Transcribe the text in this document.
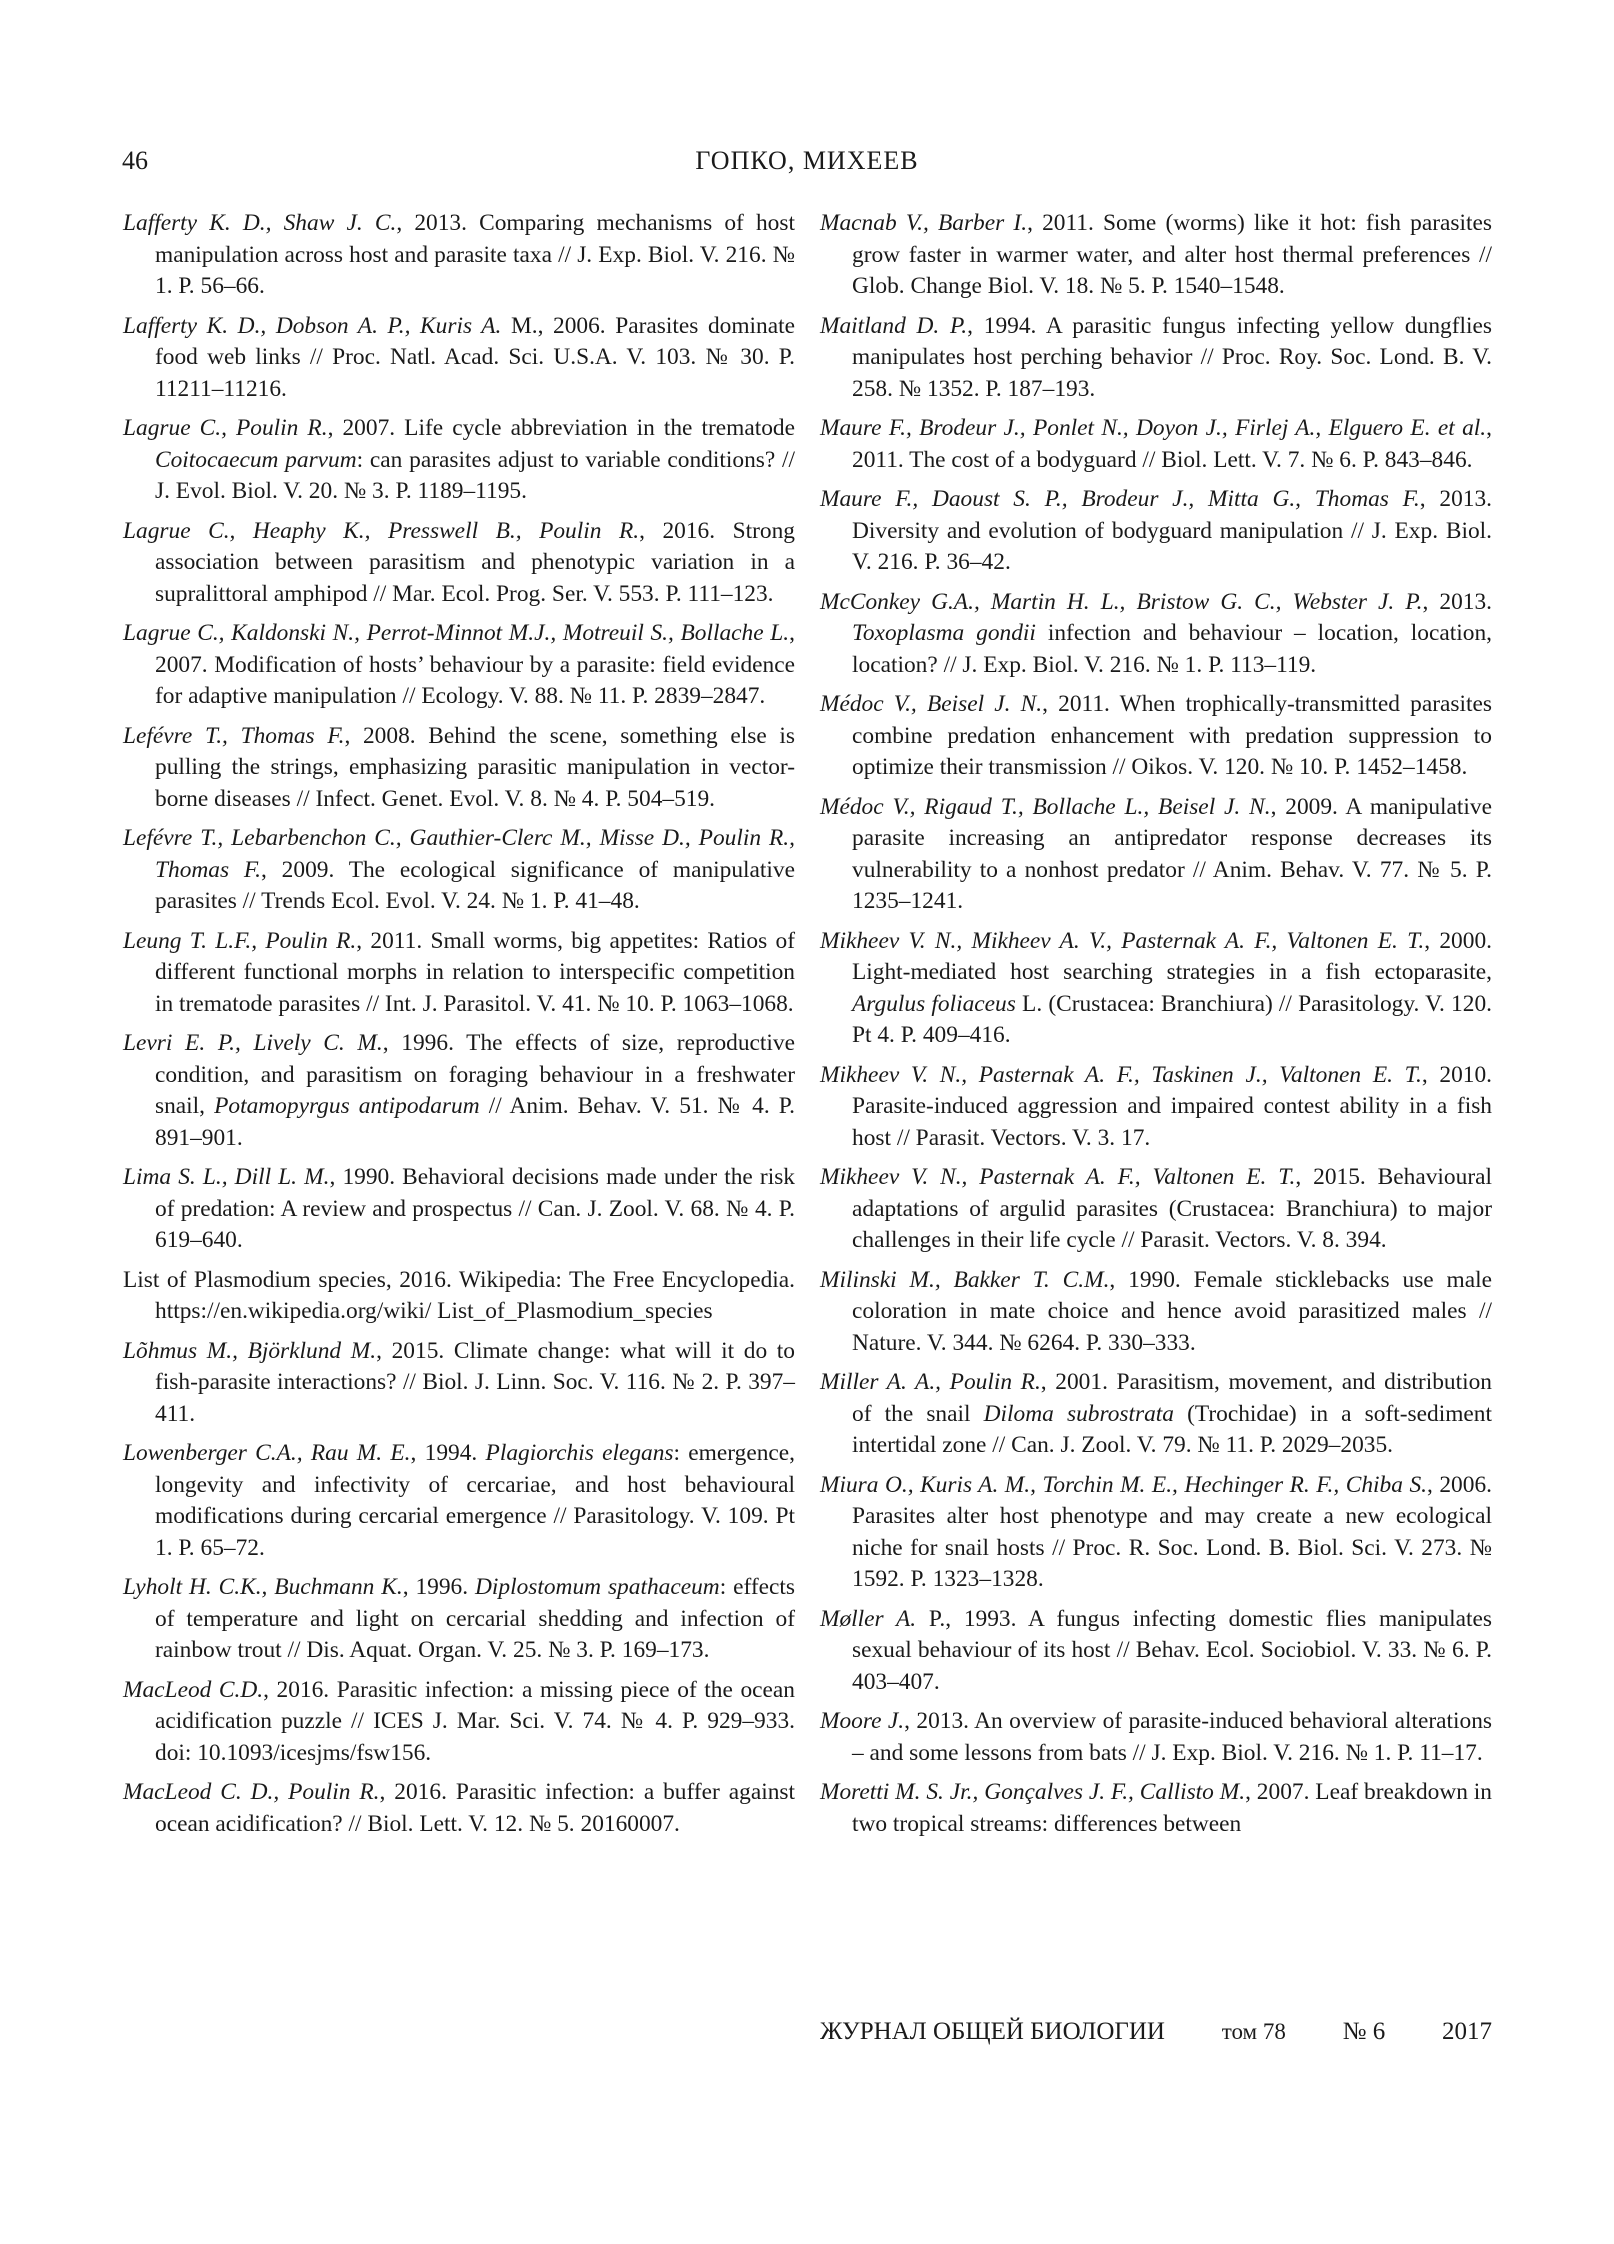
46	ГОПКО, МИХЕЕВ

Lafferty K. D., Shaw J. C., 2013. Comparing mechanisms of host manipulation across host and parasite taxa // J. Exp. Biol. V. 216. № 1. P. 56–66.

Lafferty K. D., Dobson A. P., Kuris A. M., 2006. Parasites dominate food web links // Proc. Natl. Acad. Sci. U.S.A. V. 103. № 30. P. 11211–11216.

Lagrue C., Poulin R., 2007. Life cycle abbreviation in the trematode Coitocaecum parvum: can parasites adjust to variable conditions? // J. Evol. Biol. V. 20. № 3. P. 1189–1195.

Lagrue C., Heaphy K., Presswell B., Poulin R., 2016. Strong association between parasitism and phenotypic variation in a supralittoral amphipod // Mar. Ecol. Prog. Ser. V. 553. P. 111–123.

Lagrue C., Kaldonski N., Perrot-Minnot M.J., Motreuil S., Bollache L., 2007. Modification of hosts’ behaviour by a parasite: field evidence for adaptive manipulation // Ecology. V. 88. № 11. P. 2839–2847.

Lefévre T., Thomas F., 2008. Behind the scene, something else is pulling the strings, emphasizing parasitic manipulation in vector-borne diseases // Infect. Genet. Evol. V. 8. № 4. P. 504–519.

Lefévre T., Lebarbenchon C., Gauthier-Clerc M., Misse D., Poulin R., Thomas F., 2009. The ecological significance of manipulative parasites // Trends Ecol. Evol. V. 24. № 1. P. 41–48.

Leung T. L.F., Poulin R., 2011. Small worms, big appetites: Ratios of different functional morphs in relation to interspecific competition in trematode parasites // Int. J. Parasitol. V. 41. № 10. P. 1063–1068.

Levri E. P., Lively C. M., 1996. The effects of size, reproductive condition, and parasitism on foraging behaviour in a freshwater snail, Potamopyrgus antipodarum // Anim. Behav. V. 51. № 4. P. 891–901.

Lima S. L., Dill L. M., 1990. Behavioral decisions made under the risk of predation: A review and prospectus // Can. J. Zool. V. 68. № 4. P. 619–640.

List of Plasmodium species, 2016. Wikipedia: The Free Encyclopedia. https://en.wikipedia.org/wiki/ List_of_Plasmodium_species

Lõhmus M., Björklund M., 2015. Climate change: what will it do to fish-parasite interactions? // Biol. J. Linn. Soc. V. 116. № 2. P. 397–411.

Lowenberger C.A., Rau M. E., 1994. Plagiorchis elegans: emergence, longevity and infectivity of cercariae, and host behavioural modifications during cercarial emergence // Parasitology. V. 109. Pt 1. P. 65–72.

Lyholt H. C.K., Buchmann K., 1996. Diplostomum spathaceum: effects of temperature and light on cercarial shedding and infection of rainbow trout // Dis. Aquat. Organ. V. 25. № 3. P. 169–173.

MacLeod C.D., 2016. Parasitic infection: a missing piece of the ocean acidification puzzle // ICES J. Mar. Sci. V. 74. № 4. P. 929–933. doi: 10.1093/icesjms/fsw156.

MacLeod C. D., Poulin R., 2016. Parasitic infection: a buffer against ocean acidification? // Biol. Lett. V. 12. № 5. 20160007.

Macnab V., Barber I., 2011. Some (worms) like it hot: fish parasites grow faster in warmer water, and alter host thermal preferences // Glob. Change Biol. V. 18. № 5. P. 1540–1548.

Maitland D. P., 1994. A parasitic fungus infecting yellow dungflies manipulates host perching behavior // Proc. Roy. Soc. Lond. B. V. 258. № 1352. P. 187–193.

Maure F., Brodeur J., Ponlet N., Doyon J., Firlej A., Elguero E. et al., 2011. The cost of a bodyguard // Biol. Lett. V. 7. № 6. P. 843–846.

Maure F., Daoust S. P., Brodeur J., Mitta G., Thomas F., 2013. Diversity and evolution of bodyguard manipulation // J. Exp. Biol. V. 216. P. 36–42.

McConkey G.A., Martin H. L., Bristow G. C., Webster J. P., 2013. Toxoplasma gondii infection and behaviour – location, location, location? // J. Exp. Biol. V. 216. № 1. P. 113–119.

Médoc V., Beisel J. N., 2011. When trophically-transmitted parasites combine predation enhancement with predation suppression to optimize their transmission // Oikos. V. 120. № 10. P. 1452–1458.

Médoc V., Rigaud T., Bollache L., Beisel J. N., 2009. A manipulative parasite increasing an antipredator response decreases its vulnerability to a nonhost predator // Anim. Behav. V. 77. № 5. P. 1235–1241.

Mikheev V. N., Mikheev A. V., Pasternak A. F., Valtonen E. T., 2000. Light-mediated host searching strategies in a fish ectoparasite, Argulus foliaceus L. (Crustacea: Branchiura) // Parasitology. V. 120. Pt 4. P. 409–416.

Mikheev V. N., Pasternak A. F., Taskinen J., Valtonen E. T., 2010. Parasite-induced aggression and impaired contest ability in a fish host // Parasit. Vectors. V. 3. 17.

Mikheev V. N., Pasternak A. F., Valtonen E. T., 2015. Behavioural adaptations of argulid parasites (Crustacea: Branchiura) to major challenges in their life cycle // Parasit. Vectors. V. 8. 394.

Milinski M., Bakker T. C.M., 1990. Female sticklebacks use male coloration in mate choice and hence avoid parasitized males // Nature. V. 344. № 6264. P. 330–333.

Miller A. A., Poulin R., 2001. Parasitism, movement, and distribution of the snail Diloma subrostrata (Trochidae) in a soft-sediment intertidal zone // Can. J. Zool. V. 79. № 11. P. 2029–2035.

Miura O., Kuris A. M., Torchin M. E., Hechinger R. F., Chiba S., 2006. Parasites alter host phenotype and may create a new ecological niche for snail hosts // Proc. R. Soc. Lond. B. Biol. Sci. V. 273. № 1592. P. 1323–1328.

Møller A. P., 1993. A fungus infecting domestic flies manipulates sexual behaviour of its host // Behav. Ecol. Sociobiol. V. 33. № 6. P. 403–407.

Moore J., 2013. An overview of parasite-induced behavioral alterations – and some lessons from bats // J. Exp. Biol. V. 216. № 1. P. 11–17.

Moretti M. S. Jr., Gonçalves J. F., Callisto M., 2007. Leaf breakdown in two tropical streams: differences between

ЖУРНАЛ ОБЩЕЙ БИОЛОГИИ том 78 № 6 2017
